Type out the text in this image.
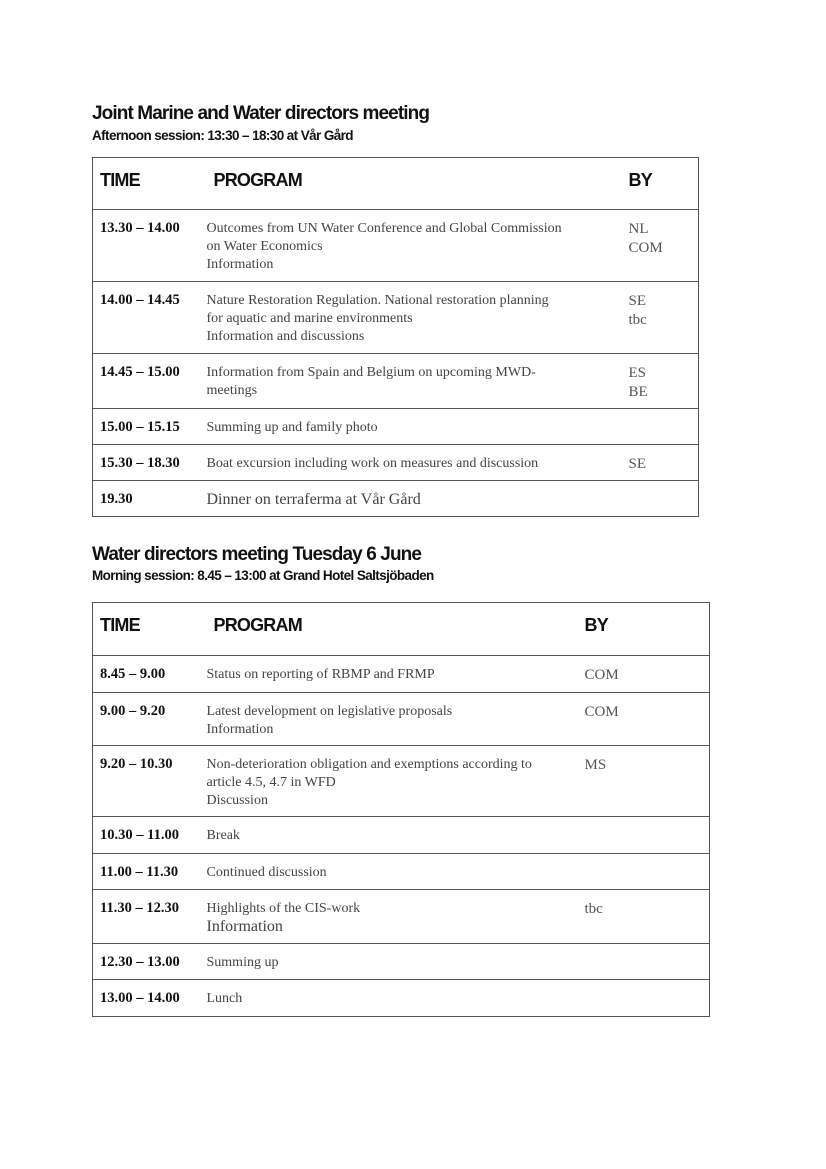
Joint Marine and Water directors meeting
Afternoon session: 13:30 – 18:30 at Vår Gård
TIME	PROGRAM	BY
13.30 – 14.00	Outcomes from UN Water Conference and Global Commission
on Water Economics
Information	NL
COM

14.00 – 14.45	Nature Restoration Regulation. National restoration planning
for aquatic and marine environments
Information and discussions	SE
tbc

14.45 – 15.00	Information from Spain and Belgium on upcoming MWD-
meetings	ES
BE

15.00 – 15.15	Summing up and family photo	

15.30 – 18.30	Boat excursion including work on measures and discussion	SE

19.30	Dinner on terraferma at Vår Gård	

Water directors meeting Tuesday 6 June
Morning session: 8.45 – 13:00 at Grand Hotel Saltsjöbaden
TIME	PROGRAM	BY
8.45 – 9.00	Status on reporting of RBMP and FRMP	COM

9.00 – 9.20	Latest development on legislative proposals
Information	COM

9.20 – 10.30	Non-deterioration obligation and exemptions according to
article 4.5, 4.7 in WFD
Discussion	MS

10.30 – 11.00	Break	

11.00 – 11.30	Continued discussion	

11.30 – 12.30	Highlights of the CIS-work
Information	tbc

12.30 – 13.00	Summing up	

13.00 – 14.00	Lunch	
